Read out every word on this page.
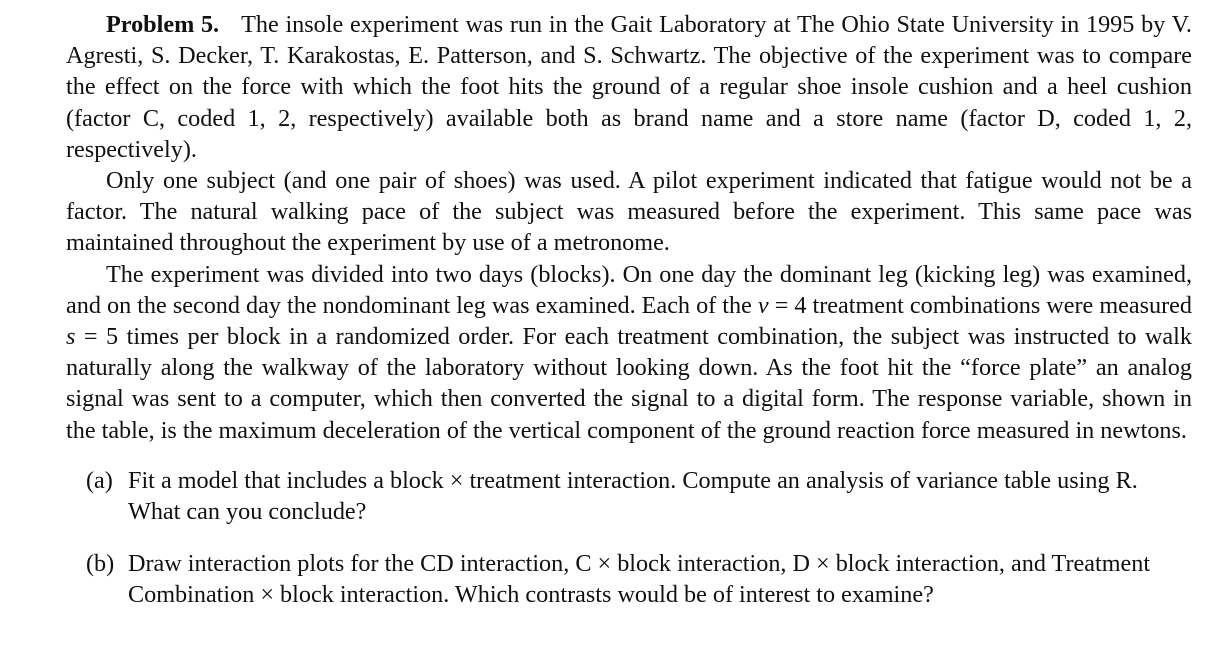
Problem 5. The insole experiment was run in the Gait Laboratory at The Ohio State University in 1995 by V. Agresti, S. Decker, T. Karakostas, E. Patterson, and S. Schwartz. The objective of the experiment was to compare the effect on the force with which the foot hits the ground of a regular shoe insole cushion and a heel cushion (factor C, coded 1, 2, respectively) available both as brand name and a store name (factor D, coded 1, 2, respectively).

Only one subject (and one pair of shoes) was used. A pilot experiment indicated that fatigue would not be a factor. The natural walking pace of the subject was measured before the experiment. This same pace was maintained throughout the experiment by use of a metronome.

The experiment was divided into two days (blocks). On one day the dominant leg (kicking leg) was examined, and on the second day the nondominant leg was examined. Each of the v = 4 treatment combinations were measured s = 5 times per block in a randomized order. For each treatment combination, the subject was instructed to walk naturally along the walkway of the laboratory without looking down. As the foot hit the “force plate” an analog signal was sent to a computer, which then converted the signal to a digital form. The response variable, shown in the table, is the maximum deceleration of the vertical component of the ground reaction force measured in newtons.

(a) Fit a model that includes a block × treatment interaction. Compute an analysis of variance table using R. What can you conclude?
(b) Draw interaction plots for the CD interaction, C × block interaction, D × block interaction, and Treatment Combination × block interaction. Which contrasts would be of interest to examine?
